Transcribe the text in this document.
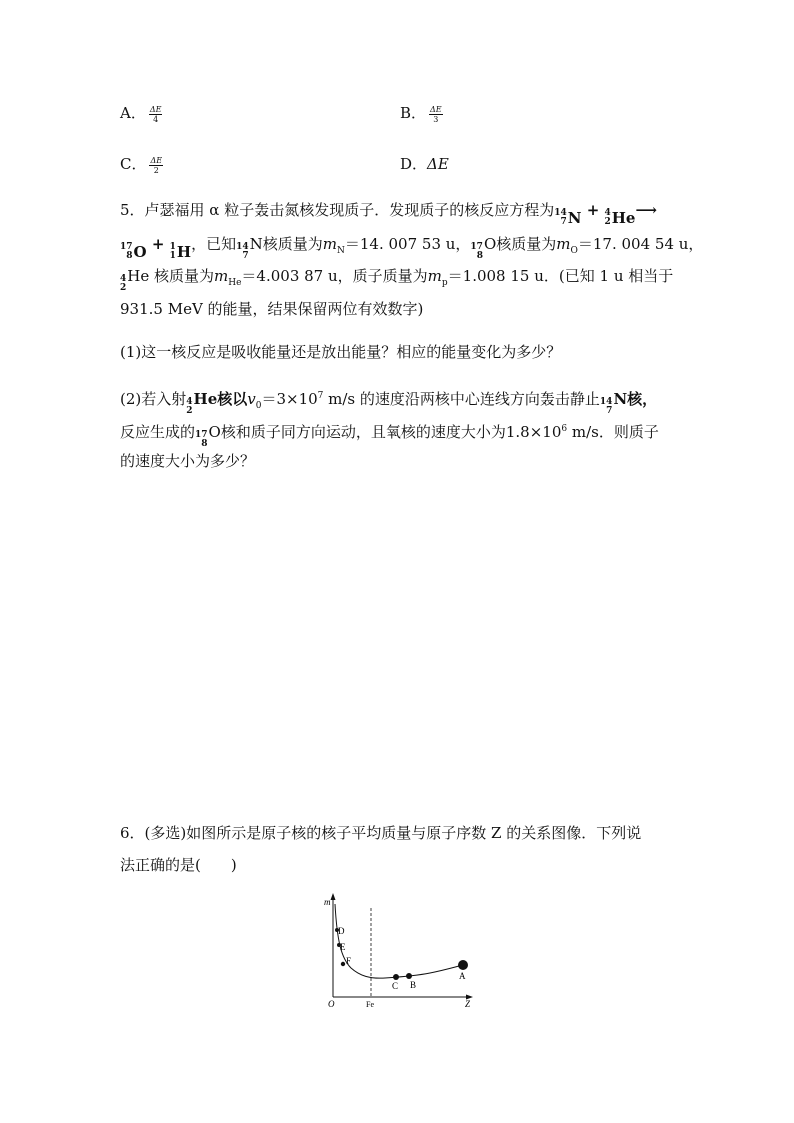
A． $\frac{\Delta E}{4}$	B． $\frac{\Delta E}{3}$
C． $\frac{\Delta E}{2}$	D．ΔE
5．卢瑟福用 α 粒子轰击氮核发现质子．发现质子的核反应方程为 14
7 N + 4
2 He ⟶
17
8 O + 1
1 H ，已知 14
7
N核质量为$m_N=14$. 007 53 u， 17
8
O核质量为$m_O=17$. 004 54 u，
4
2
He 核质量为$m_{He}=4.003$ 87 u，质子质量为$m_p=1.008$ 15 u．(已知 1 u 相当于
931.5 MeV 的能量，结果保留两位有效数字)
(1)这一核反应是吸收能量还是放出能量？相应的能量变化为多少？
(2)若入射 4
2
He核以$v_0=3\times 10^7$ m/s 的速度沿两核中心连线方向轰击静止 14
7
N核，
反应生成的 17
8
O核和质子同方向运动，且氧核的速度大小为$1.8\times 10^6$ m/s．则质子
的速度大小为多少？
6．(多选)如图所示是原子核的核子平均质量与原子序数 Z 的关系图像．下列说
法正确的是(　　)
m
O	Fe	Z
D
E
F
C B
A
